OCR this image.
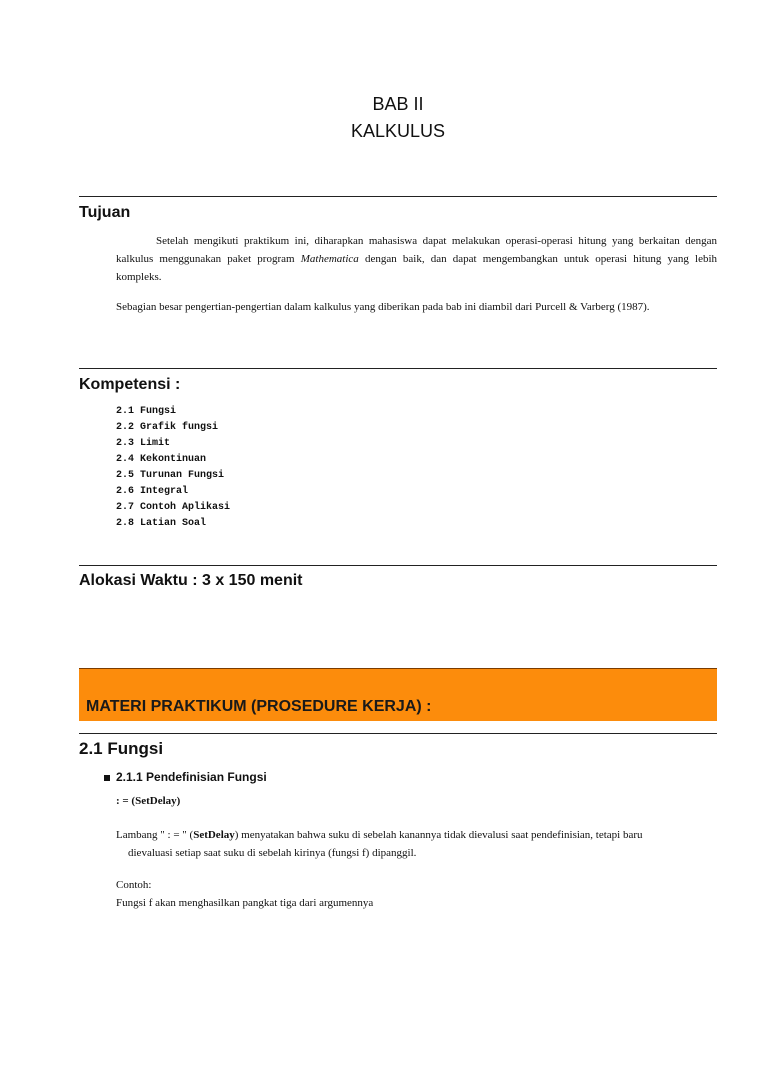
BAB II
KALKULUS
Tujuan
Setelah mengikuti praktikum ini, diharapkan mahasiswa dapat melakukan operasi-operasi hitung yang berkaitan dengan kalkulus menggunakan paket program Mathematica dengan baik, dan dapat mengembangkan untuk operasi hitung yang lebih kompleks.
Sebagian besar pengertian-pengertian dalam kalkulus yang diberikan pada bab ini diambil dari Purcell & Varberg (1987).
Kompetensi :
2.1 Fungsi
2.2 Grafik fungsi
2.3 Limit
2.4 Kekontinuan
2.5 Turunan Fungsi
2.6 Integral
2.7 Contoh Aplikasi
2.8 Latian Soal
Alokasi Waktu : 3 x 150 menit
MATERI PRAKTIKUM (PROSEDURE KERJA) :
2.1 Fungsi
2.1.1 Pendefinisian Fungsi
: = (SetDelay)
Lambang " : = " (SetDelay) menyatakan bahwa suku di sebelah kanannya tidak dievalusi saat pendefinisian, tetapi baru dievaluasi setiap saat suku di sebelah kirinya (fungsi f) dipanggil.
Contoh:
Fungsi f akan menghasilkan pangkat tiga dari argumennya
